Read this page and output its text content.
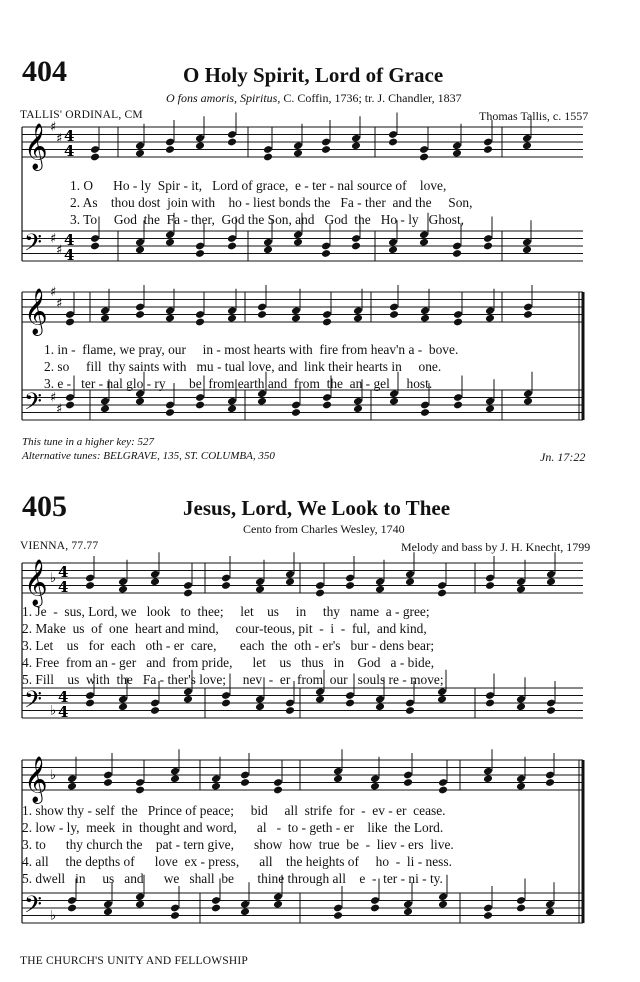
404	O Holy Spirit, Lord of Grace
O fons amoris, Spiritus, C. Coffin, 1736; tr. J. Chandler, 1837
TALLIS' ORDINAL, CM	Thomas Tallis, c. 1557
1. O      Ho - ly  Spir - it,   Lord of grace,  e - ter - nal source of    love,
2. As    thou dost  join with    ho - liest bonds the   Fa - ther  and the     Son,
3. To     God  the  Fa - ther,  God the Son, and   God  the   Ho - ly   Ghost,
1. in -  flame, we pray, our     in - most hearts with  fire from heav'n a -  bove.
2. so     fill  thy saints with   mu - tual love, and  link their hearts in     one.
3. e -   ter - nal glo - ry       be  from earth and  from  the  an - gel     host.
This tune in a higher key: 527
Alternative tunes: BELGRAVE, 135, ST. COLUMBA, 350	Jn. 17:22
405	Jesus, Lord, We Look to Thee
Cento from Charles Wesley, 1740
VIENNA, 77.77	Melody and bass by J. H. Knecht, 1799
1. Je  -  sus, Lord, we   look   to  thee;     let    us     in     thy   name  a - gree;
2. Make  us  of  one  heart and mind,     cour-teous, pit  -  i  -  ful,  and kind,
3. Let    us   for  each   oth - er  care,       each  the  oth - er's   bur - dens bear;
4. Free  from an - ger   and  from pride,      let    us   thus   in    God   a - bide,
5. Fill    us  with  the   Fa - ther's love;     nev  -  er  from  our   souls re - move;
1. show thy - self  the   Prince of peace;     bid     all  strife  for  -  ev - er  cease.
2. low - ly,  meek  in  thought and word,      al   -  to - geth - er    like  the Lord.
3. to      thy church the    pat - tern give,      show  how  true  be  -  liev - ers  live.
4. all     the depths of      love  ex - press,      all    the heights of     ho  -  li - ness.
5. dwell   in     us   and      we   shall  be       thine through all    e  -  ter - ni - ty.
THE CHURCH'S UNITY AND FELLOWSHIP
𝄞 ♯
♯ 4
4
𝄢 ♯
♯
4
4
𝄞 ♯
♯
𝄢 ♯
♯
𝄞 ♭ 4
4
𝄢 ♭
4
4
𝄞 ♭
𝄢 ♭
